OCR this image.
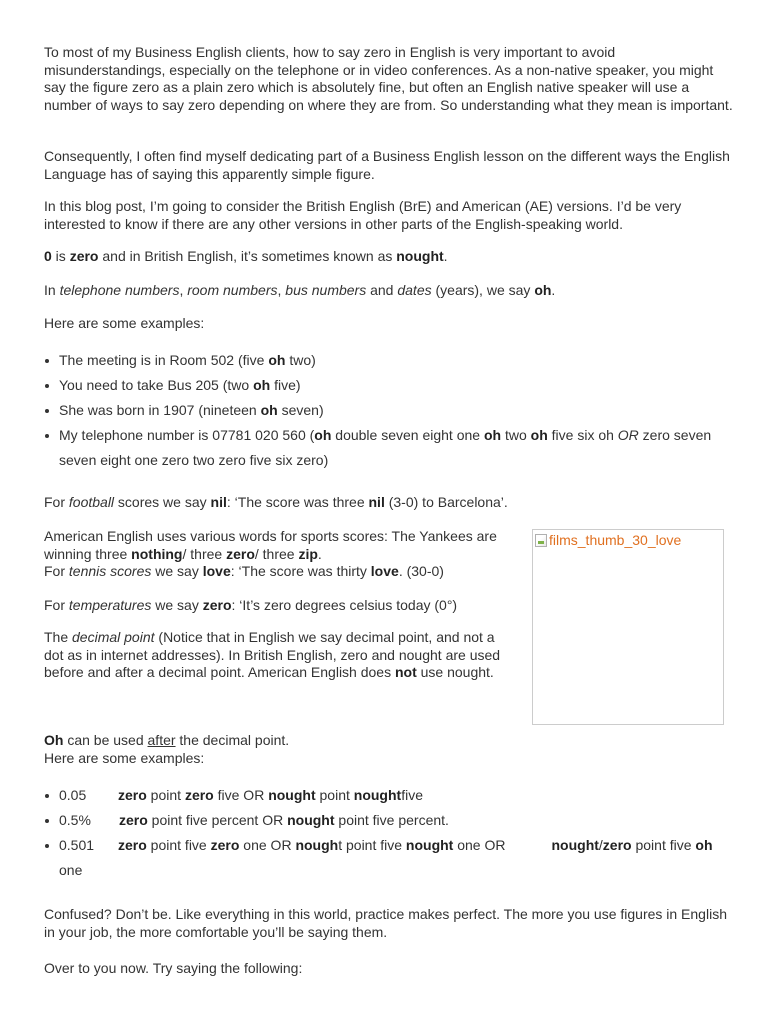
To most of my Business English clients, how to say zero in English is very important to avoid misunderstandings, especially on the telephone or in video conferences. As a non-native speaker, you might say the figure zero as a plain zero which is absolutely fine, but often an English native speaker will use a number of ways to say zero depending on where they are from. So understanding what they mean is important.

Consequently, I often find myself dedicating part of a Business English lesson on the different ways the English Language has of saying this apparently simple figure.

In this blog post, I’m going to consider the British English (BrE) and American (AE) versions. I’d be very interested to know if there are any other versions in other parts of the English-speaking world.

0 is zero and in British English, it’s sometimes known as nought.

In telephone numbers, room numbers, bus numbers and dates (years), we say oh.

Here are some examples:

The meeting is in Room 502 (five oh two)
You need to take Bus 205 (two oh five)
She was born in 1907 (nineteen oh seven)
My telephone number is 07781 020 560 (oh double seven eight one oh two oh five six oh OR zero seven seven eight one zero two zero five six zero)

For football scores we say nil: ‘The score was three nil (3-0) to Barcelona’.

American English uses various words for sports scores: The Yankees are winning three nothing/ three zero/ three zip.
For tennis scores we say love: ‘The score was thirty love. (30-0)

films_thumb_30_love

For temperatures we say zero: ‘It’s zero degrees celsius today (0°)

The decimal point (Notice that in English we say decimal point, and not a dot as in internet addresses). In British English, zero and nought are used before and after a decimal point. American English does not use nought.

Oh can be used after the decimal point.
Here are some examples:

0.05 zero point zero five OR nought point noughtfive
0.5% zero point five percent OR nought point five percent.
0.501 zero point five zero one OR nought point five nought one OR	nought/zero point five oh one

Confused? Don’t be. Like everything in this world, practice makes perfect. The more you use figures in English in your job, the more comfortable you’ll be saying them.

Over to you now. Try saying the following:
